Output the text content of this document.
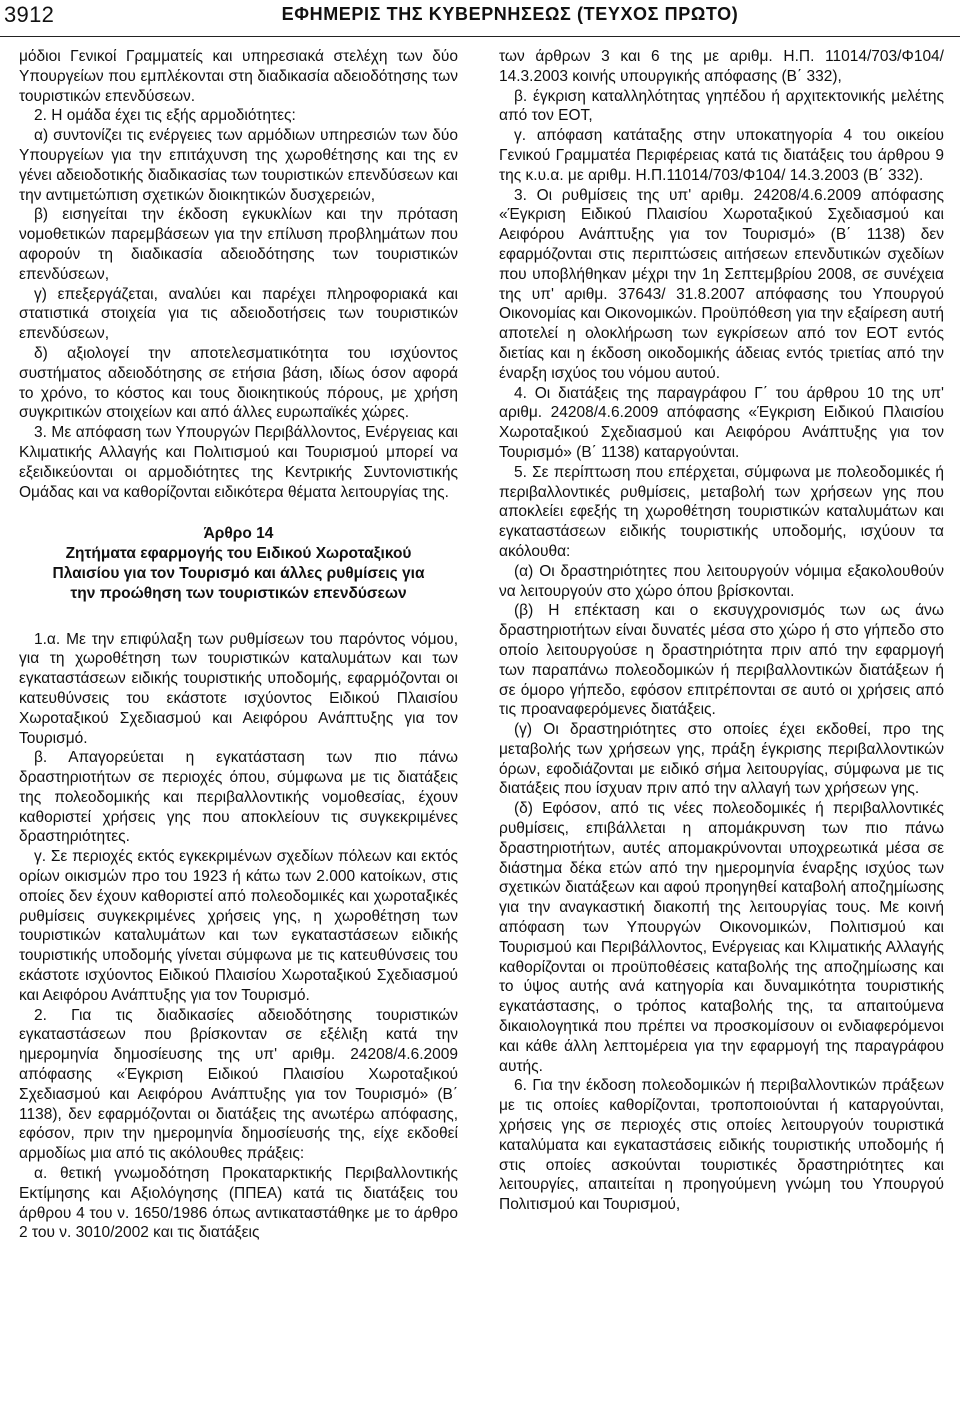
3912	ΕΦΗΜΕΡΙΣ ΤΗΣ ΚΥΒΕΡΝΗΣΕΩΣ (ΤΕΥΧΟΣ ΠΡΩΤΟ)

μόδιοι Γενικοί Γραμματείς και υπηρεσιακά στελέχη των δύο Υπουργείων που εμπλέκονται στη διαδικασία αδειοδότησης των τουριστικών επενδύσεων.

2. Η ομάδα έχει τις εξής αρμοδιότητες:

α) συντονίζει τις ενέργειες των αρμόδιων υπηρεσιών των δύο Υπουργείων για την επιτάχυνση της χωροθέτησης και της εν γένει αδειοδοτικής διαδικασίας των τουριστικών επενδύσεων και την αντιμετώπιση σχετικών διοικητικών δυσχερειών,

β) εισηγείται την έκδοση εγκυκλίων και την πρόταση νομοθετικών παρεμβάσεων για την επίλυση προβλημάτων που αφορούν τη διαδικασία αδειοδότησης των τουριστικών επενδύσεων,

γ) επεξεργάζεται, αναλύει και παρέχει πληροφοριακά και στατιστικά στοιχεία για τις αδειοδοτήσεις των τουριστικών επενδύσεων,

δ) αξιολογεί την αποτελεσματικότητα του ισχύοντος συστήματος αδειοδότησης σε ετήσια βάση, ιδίως όσον αφορά το χρόνο, το κόστος και τους διοικητικούς πόρους, με χρήση συγκριτικών στοιχείων και από άλλες ευρωπαϊκές χώρες.

3. Με απόφαση των Υπουργών Περιβάλλοντος, Ενέργειας και Κλιματικής Αλλαγής και Πολιτισμού και Τουρισμού μπορεί να εξειδικεύονται οι αρμοδιότητες της Κεντρικής Συντονιστικής Ομάδας και να καθορίζονται ειδικότερα θέματα λειτουργίας της.

Άρθρο 14
Ζητήματα εφαρμογής του Ειδικού Χωροταξικού
Πλαισίου για τον Τουρισμό και άλλες ρυθμίσεις για
την προώθηση των τουριστικών επενδύσεων

1.α. Με την επιφύλαξη των ρυθμίσεων του παρόντος νόμου, για τη χωροθέτηση των τουριστικών καταλυμάτων και των εγκαταστάσεων ειδικής τουριστικής υποδομής, εφαρμόζονται οι κατευθύνσεις του εκάστοτε ισχύοντος Ειδικού Πλαισίου Χωροταξικού Σχεδιασμού και Αειφόρου Ανάπτυξης για τον Τουρισμό.

β. Απαγορεύεται η εγκατάσταση των πιο πάνω δραστηριοτήτων σε περιοχές όπου, σύμφωνα με τις διατάξεις της πολεοδομικής και περιβαλλοντικής νομοθεσίας, έχουν καθοριστεί χρήσεις γης που αποκλείουν τις συγκεκριμένες δραστηριότητες.

γ. Σε περιοχές εκτός εγκεκριμένων σχεδίων πόλεων και εκτός ορίων οικισμών προ του 1923 ή κάτω των 2.000 κατοίκων, στις οποίες δεν έχουν καθοριστεί από πολεοδομικές και χωροταξικές ρυθμίσεις συγκεκριμένες χρήσεις γης, η χωροθέτηση των τουριστικών καταλυμάτων και των εγκαταστάσεων ειδικής τουριστικής υποδομής γίνεται σύμφωνα με τις κατευθύνσεις του εκάστοτε ισχύοντος Ειδικού Πλαισίου Χωροταξικού Σχεδιασμού και Αειφόρου Ανάπτυξης για τον Τουρισμό.

2. Για τις διαδικασίες αδειοδότησης τουριστικών εγκαταστάσεων που βρίσκονταν σε εξέλιξη κατά την ημερομηνία δημοσίευσης της υπ' αριθμ. 24208/4.6.2009 απόφασης «Έγκριση Ειδικού Πλαισίου Χωροταξικού Σχεδιασμού και Αειφόρου Ανάπτυξης για τον Τουρισμό» (Β΄ 1138), δεν εφαρμόζονται οι διατάξεις της ανωτέρω απόφασης, εφόσον, πριν την ημερομηνία δημοσίευσής της, είχε εκδοθεί αρμοδίως μια από τις ακόλουθες πράξεις:

α. θετική γνωμοδότηση Προκαταρκτικής Περιβαλλοντικής Εκτίμησης και Αξιολόγησης (ΠΠΕΑ) κατά τις διατάξεις του άρθρου 4 του ν. 1650/1986 όπως αντικαταστάθηκε με το άρθρο 2 του ν. 3010/2002 και τις διατάξεις

των άρθρων 3 και 6 της με αριθμ. Η.Π. 11014/703/Φ104/ 14.3.2003 κοινής υπουργικής απόφασης (Β΄ 332),

β. έγκριση καταλληλότητας γηπέδου ή αρχιτεκτονικής μελέτης από τον ΕΟΤ,

γ. απόφαση κατάταξης στην υποκατηγορία 4 του οικείου Γενικού Γραμματέα Περιφέρειας κατά τις διατάξεις του άρθρου 9 της κ.υ.α. με αριθμ. Η.Π.11014/703/Φ104/ 14.3.2003 (Β΄ 332).

3. Οι ρυθμίσεις της υπ' αριθμ. 24208/4.6.2009 απόφασης «Έγκριση Ειδικού Πλαισίου Χωροταξικού Σχεδιασμού και Αειφόρου Ανάπτυξης για τον Τουρισμό» (Β΄ 1138) δεν εφαρμόζονται στις περιπτώσεις αιτήσεων επενδυτικών σχεδίων που υποβλήθηκαν μέχρι την 1η Σεπτεμβρίου 2008, σε συνέχεια της υπ' αριθμ. 37643/ 31.8.2007 απόφασης του Υπουργού Οικονομίας και Οικονομικών. Προϋπόθεση για την εξαίρεση αυτή αποτελεί η ολοκλήρωση των εγκρίσεων από τον ΕΟΤ εντός διετίας και η έκδοση οικοδομικής άδειας εντός τριετίας από την έναρξη ισχύος του νόμου αυτού.

4. Οι διατάξεις της παραγράφου Γ΄ του άρθρου 10 της υπ' αριθμ. 24208/4.6.2009 απόφασης «Έγκριση Ειδικού Πλαισίου Χωροταξικού Σχεδιασμού και Αειφόρου Ανάπτυξης για τον Τουρισμό» (Β΄ 1138) καταργούνται.

5. Σε περίπτωση που επέρχεται, σύμφωνα με πολεοδομικές ή περιβαλλοντικές ρυθμίσεις, μεταβολή των χρήσεων γης που αποκλείει εφεξής τη χωροθέτηση τουριστικών καταλυμάτων και εγκαταστάσεων ειδικής τουριστικής υποδομής, ισχύουν τα ακόλουθα:

(α) Οι δραστηριότητες που λειτουργούν νόμιμα εξακολουθούν να λειτουργούν στο χώρο όπου βρίσκονται.

(β) Η επέκταση και ο εκσυγχρονισμός των ως άνω δραστηριοτήτων είναι δυνατές μέσα στο χώρο ή στο γήπεδο στο οποίο λειτουργούσε η δραστηριότητα πριν από την εφαρμογή των παραπάνω πολεοδομικών ή περιβαλλοντικών διατάξεων ή σε όμορο γήπεδο, εφόσον επιτρέπονται σε αυτό οι χρήσεις από τις προαναφερόμενες διατάξεις.

(γ) Οι δραστηριότητες στο οποίες έχει εκδοθεί, προ της μεταβολής των χρήσεων γης, πράξη έγκρισης περιβαλλοντικών όρων, εφοδιάζονται με ειδικό σήμα λειτουργίας, σύμφωνα με τις διατάξεις που ίσχυαν πριν από την αλλαγή των χρήσεων γης.

(δ) Εφόσον, από τις νέες πολεοδομικές ή περιβαλλοντικές ρυθμίσεις, επιβάλλεται η απομάκρυνση των πιο πάνω δραστηριοτήτων, αυτές απομακρύνονται υποχρεωτικά μέσα σε διάστημα δέκα ετών από την ημερομηνία έναρξης ισχύος των σχετικών διατάξεων και αφού προηγηθεί καταβολή αποζημίωσης για την αναγκαστική διακοπή της λειτουργίας τους. Με κοινή απόφαση των Υπουργών Οικονομικών, Πολιτισμού και Τουρισμού και Περιβάλλοντος, Ενέργειας και Κλιματικής Αλλαγής καθορίζονται οι προϋποθέσεις καταβολής της αποζημίωσης και το ύψος αυτής ανά κατηγορία και δυναμικότητα τουριστικής εγκατάστασης, ο τρόπος καταβολής της, τα απαιτούμενα δικαιολογητικά που πρέπει να προσκομίσουν οι ενδιαφερόμενοι και κάθε άλλη λεπτομέρεια για την εφαρμογή της παραγράφου αυτής.

6. Για την έκδοση πολεοδομικών ή περιβαλλοντικών πράξεων με τις οποίες καθορίζονται, τροποποιούνται ή καταργούνται, χρήσεις γης σε περιοχές στις οποίες λειτουργούν τουριστικά καταλύματα και εγκαταστάσεις ειδικής τουριστικής υποδομής ή στις οποίες ασκούνται τουριστικές δραστηριότητες και λειτουργίες, απαιτείται η προηγούμενη γνώμη του Υπουργού Πολιτισμού και Τουρισμού,
